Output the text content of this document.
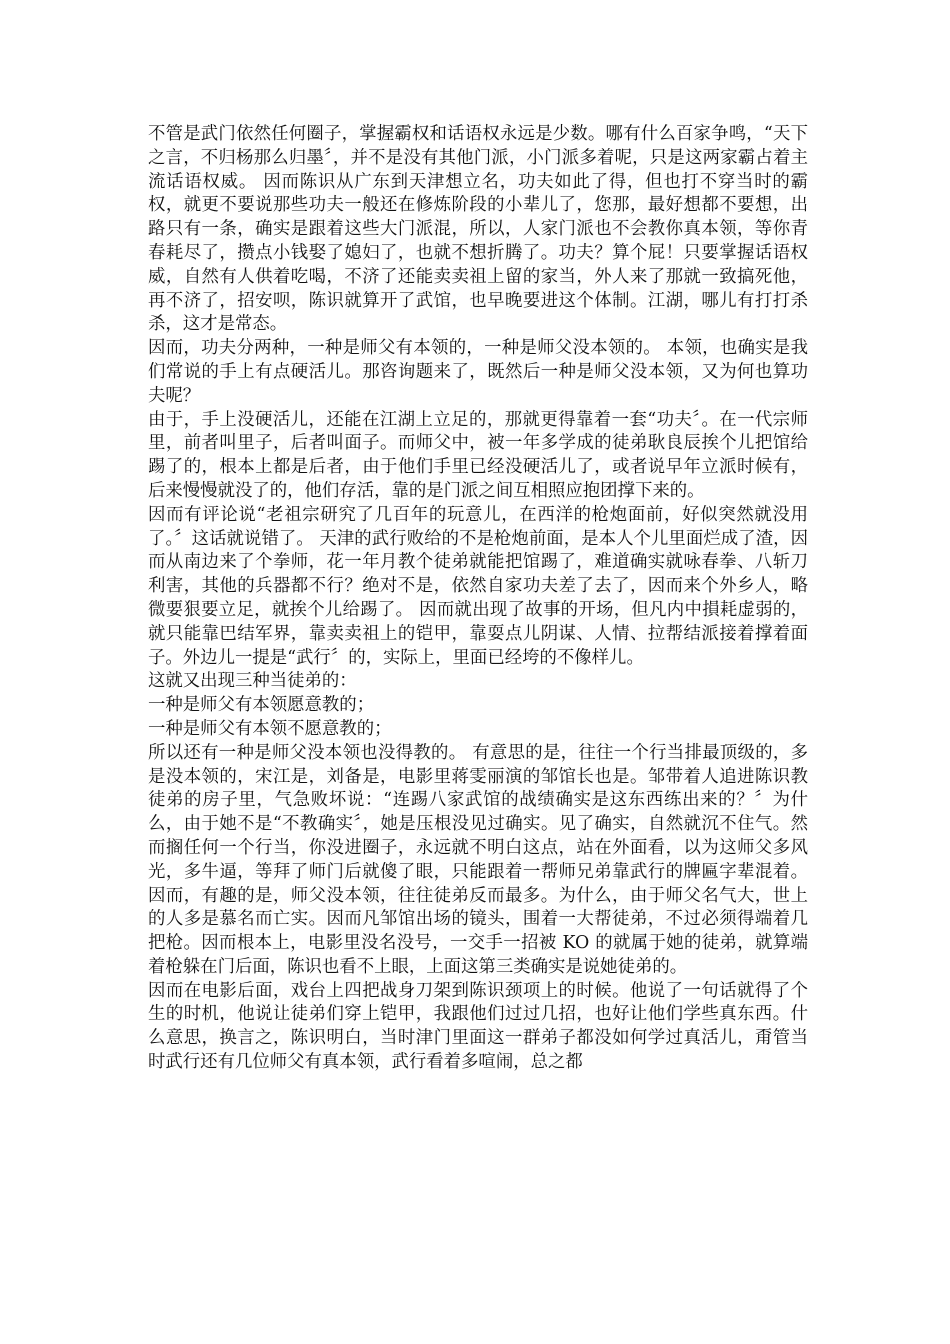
不管是武门依然任何圈子，掌握霸权和话语权永远是少数。哪有什么百家争鸣，“天下之言，不归杨那么归墨〞，并不是没有其他门派，小门派多着呢，只是这两家霸占着主流话语权威。 因而陈识从广东到天津想立名，功夫如此了得，但也打不穿当时的霸权，就更不要说那些功夫一般还在修炼阶段的小辈儿了，您那，最好想都不要想，出路只有一条，确实是跟着这些大门派混，所以，人家门派也不会教你真本领，等你青春耗尽了，攒点小钱娶了媳妇了，也就不想折腾了。功夫？算个屁！只要掌握话语权威，自然有人供着吃喝，不济了还能卖卖祖上留的家当，外人来了那就一致搞死他，再不济了，招安呗，陈识就算开了武馆，也早晚要进这个体制。江湖，哪儿有打打杀杀，这才是常态。

因而，功夫分两种，一种是师父有本领的，一种是师父没本领的。 本领，也确实是我们常说的手上有点硬活儿。那咨询题来了，既然后一种是师父没本领，又为何也算功夫呢？

由于，手上没硬活儿，还能在江湖上立足的，那就更得靠着一套“功夫〞。在一代宗师里，前者叫里子，后者叫面子。而师父中，被一年多学成的徒弟耿良辰挨个儿把馆给踢了的，根本上都是后者，由于他们手里已经没硬活儿了，或者说早年立派时候有，后来慢慢就没了的，他们存活，靠的是门派之间互相照应抱团撑下来的。

因而有评论说“老祖宗研究了几百年的玩意儿，在西洋的枪炮面前，好似突然就没用了。〞这话就说错了。 天津的武行败给的不是枪炮前面，是本人个儿里面烂成了渣，因而从南边来了个拳师，花一年月教个徒弟就能把馆踢了，难道确实就咏春拳、八斩刀利害，其他的兵器都不行？绝对不是，依然自家功夫差了去了，因而来个外乡人，略微要狠要立足，就挨个儿给踢了。 因而就出现了故事的开场，但凡内中損耗虚弱的，就只能靠巴结军界，靠卖卖祖上的铠甲，靠耍点儿阴谋、人情、拉帮结派接着撑着面子。外边儿一提是“武行〞的，实际上，里面已经垮的不像样儿。

这就又出现三种当徒弟的：

一种是师父有本领愿意教的；

一种是师父有本领不愿意教的；

所以还有一种是师父没本领也没得教的。 有意思的是，往往一个行当排最顶级的，多是没本领的，宋江是，刘备是，电影里蒋雯丽演的邹馆长也是。邹带着人追进陈识教徒弟的房子里，气急败坏说：“连踢八家武馆的战绩确实是这东西练出来的？〞为什么，由于她不是“不教确实〞，她是压根没见过确实。见了确实，自然就沉不住气。然而搁任何一个行当，你没进圈子，永远就不明白这点，站在外面看，以为这师父多风光，多牛逼，等拜了师门后就傻了眼，只能跟着一帮师兄弟靠武行的牌匾字辈混着。因而，有趣的是，师父没本领，往往徒弟反而最多。为什么，由于师父名气大，世上的人多是慕名而亡实。因而凡邹馆出场的镜头，围着一大帮徒弟，不过必须得端着几把枪。因而根本上，电影里没名没号，一交手一招被 KO 的就属于她的徒弟，就算端着枪躲在门后面，陈识也看不上眼，上面这第三类确实是说她徒弟的。

因而在电影后面，戏台上四把战身刀架到陈识颈项上的时候。他说了一句话就得了个生的时机，他说让徒弟们穿上铠甲，我跟他们过过几招，也好让他们学些真东西。什么意思，换言之，陈识明白，当时津门里面这一群弟子都没如何学过真活儿，甭管当时武行还有几位师父有真本领，武行看着多喧闹，总之都
